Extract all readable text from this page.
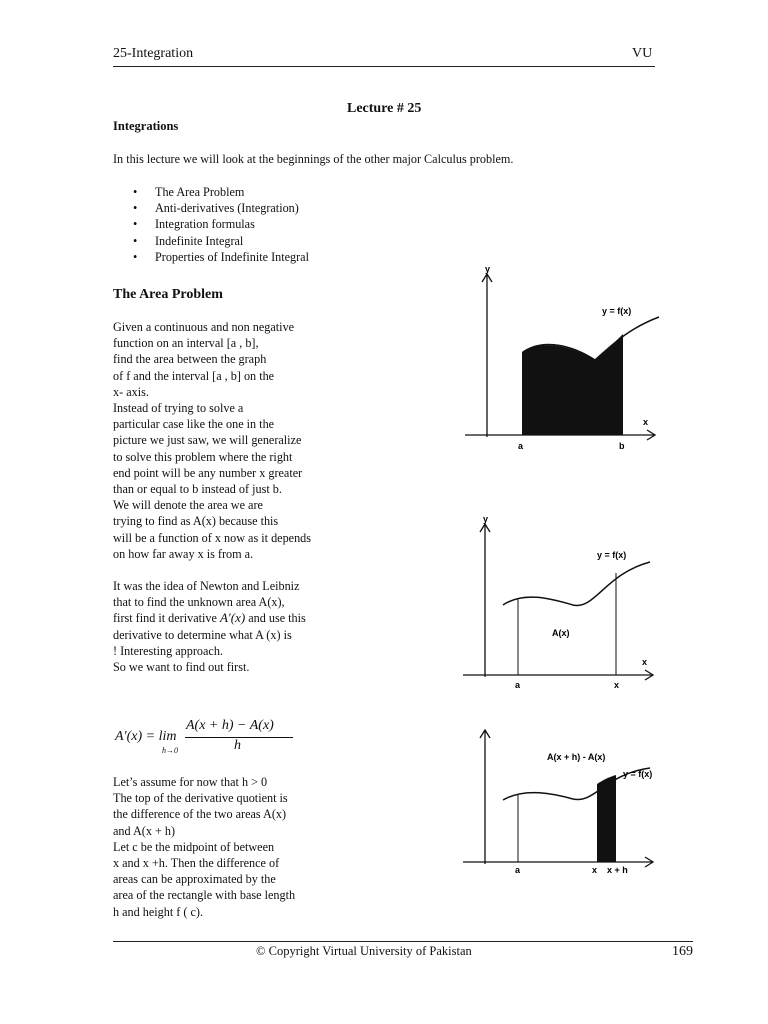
25-Integration	VU
Lecture # 25
Integrations
In this lecture we will look at the beginnings of the other major Calculus problem.
• The Area Problem
• Anti-derivatives (Integration)
• Integration formulas
• Indefinite Integral
• Properties of Indefinite Integral
The Area Problem
Given a continuous and non negative
function on an interval [a , b],
find the area between the graph
of f and the interval [a , b] on the
x- axis.
Instead of trying to solve a
particular case like the one in the
picture we just saw, we will generalize
to solve this problem where the right
end point will be any number x greater
than or equal to b instead of just b.
We will denote the area we are
trying to find as A(x) because this
will be a function of x now as it depends
on how far away x is from a.
It was the idea of Newton and Leibniz
that to find the unknown area A(x),
first find it derivative A′(x) and use this
derivative to determine what A (x) is
! Interesting approach.
So we want to find out first.
A′(x) = lim
h→0
A(x + h) − A(x)
h
Let’s assume for now that h > 0
The top of the derivative quotient is
the difference of the two areas A(x)
and A(x + h)
Let c be the midpoint of between
x and x +h. Then the difference of
areas can be approximated by the
area of the rectangle with base length
h and height f ( c).
y
x
y = f(x)
a	b
y
x
y = f(x)
A(x)
a	x
A(x + h) - A(x)
y = f(x)
a	x x + h
© Copyright Virtual University of Pakistan	169
